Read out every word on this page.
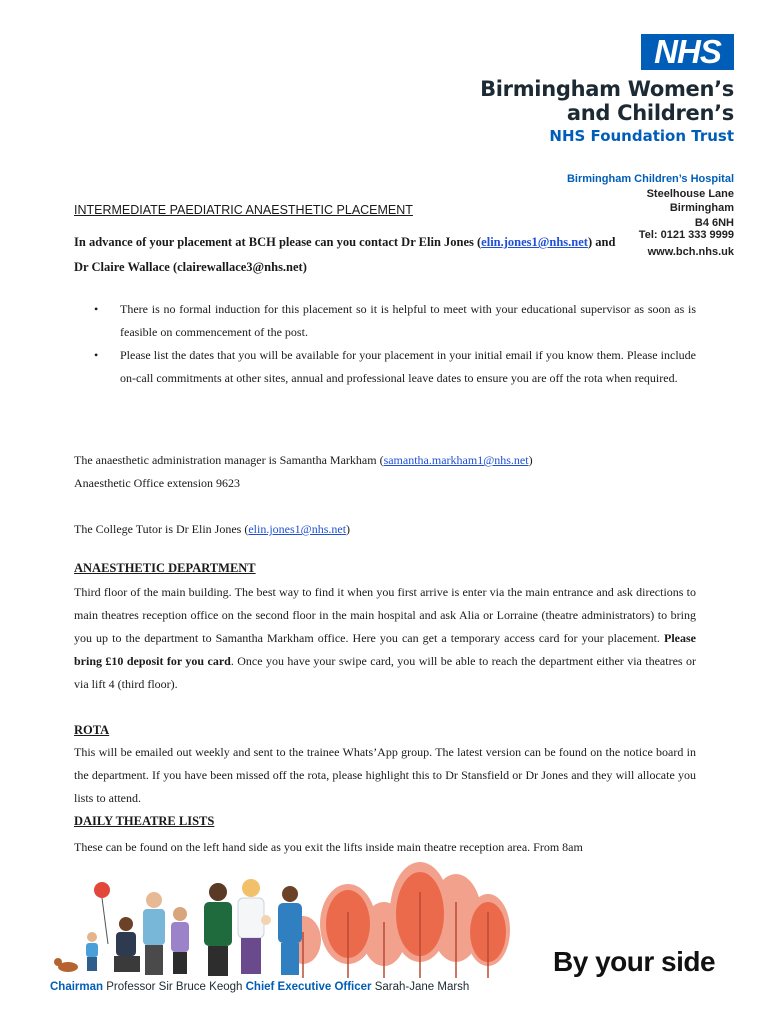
NHS
Birmingham Women’s
and Children’s
NHS Foundation Trust
Birmingham Children’s Hospital
Steelhouse Lane
Birmingham
B4 6NH
Tel: 0121 333 9999
www.bch.nhs.uk
INTERMEDIATE PAEDIATRIC ANAESTHETIC PLACEMENT
In advance of your placement at BCH please can you contact Dr Elin Jones (elin.jones1@nhs.net) and
Dr Claire Wallace (clairewallace3@nhs.net)
• There is no formal induction for this placement so it is helpful to meet with your educational supervisor as soon as is feasible on commencement of the post.
• Please list the dates that you will be available for your placement in your initial email if you know them. Please include on-call commitments at other sites, annual and professional leave dates to ensure you are off the rota when required.
The anaesthetic administration manager is Samantha Markham (samantha.markham1@nhs.net)
Anaesthetic Office extension 9623
The College Tutor is Dr Elin Jones (elin.jones1@nhs.net)
ANAESTHETIC DEPARTMENT
Third floor of the main building. The best way to find it when you first arrive is enter via the main entrance and ask directions to main theatres reception office on the second floor in the main hospital and ask Alia or Lorraine (theatre administrators) to bring you up to the department to Samantha Markham office. Here you can get a temporary access card for your placement. Please bring £10 deposit for you card. Once you have your swipe card, you will be able to reach the department either via theatres or via lift 4 (third floor).
ROTA
This will be emailed out weekly and sent to the trainee Whats’App group. The latest version can be found on the notice board in the department. If you have been missed off the rota, please highlight this to Dr Stansfield or Dr Jones and they will allocate you lists to attend.
DAILY THEATRE LISTS
These can be found on the left hand side as you exit the lifts inside main theatre reception area. From 8am
By your side
Chairman Professor Sir Bruce Keogh Chief Executive Officer Sarah-Jane Marsh
